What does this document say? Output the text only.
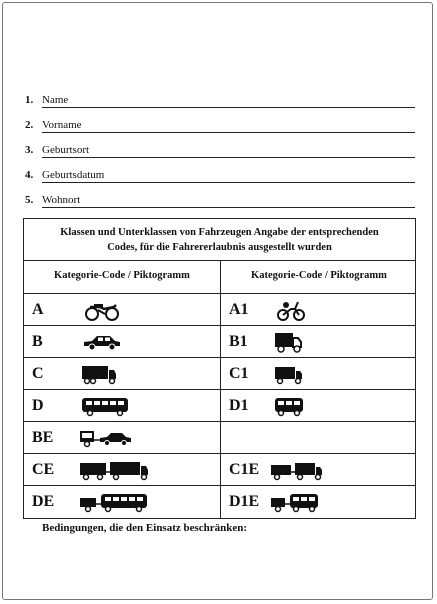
1. Name
2. Vorname
3. Geburtsort
4. Geburtsdatum
5. Wohnort
Klassen und Unterklassen von Fahrzeugen Angabe der entsprechenden
Codes, für die Fahrererlaubnis ausgestellt wurden
Kategorie-Code / Piktogramm	Kategorie-Code / Piktogramm
A	A1
B	B1
C	C1
D	D1
BE
CE	C1E
DE	D1E
Bedingungen, die den Einsatz beschränken:
